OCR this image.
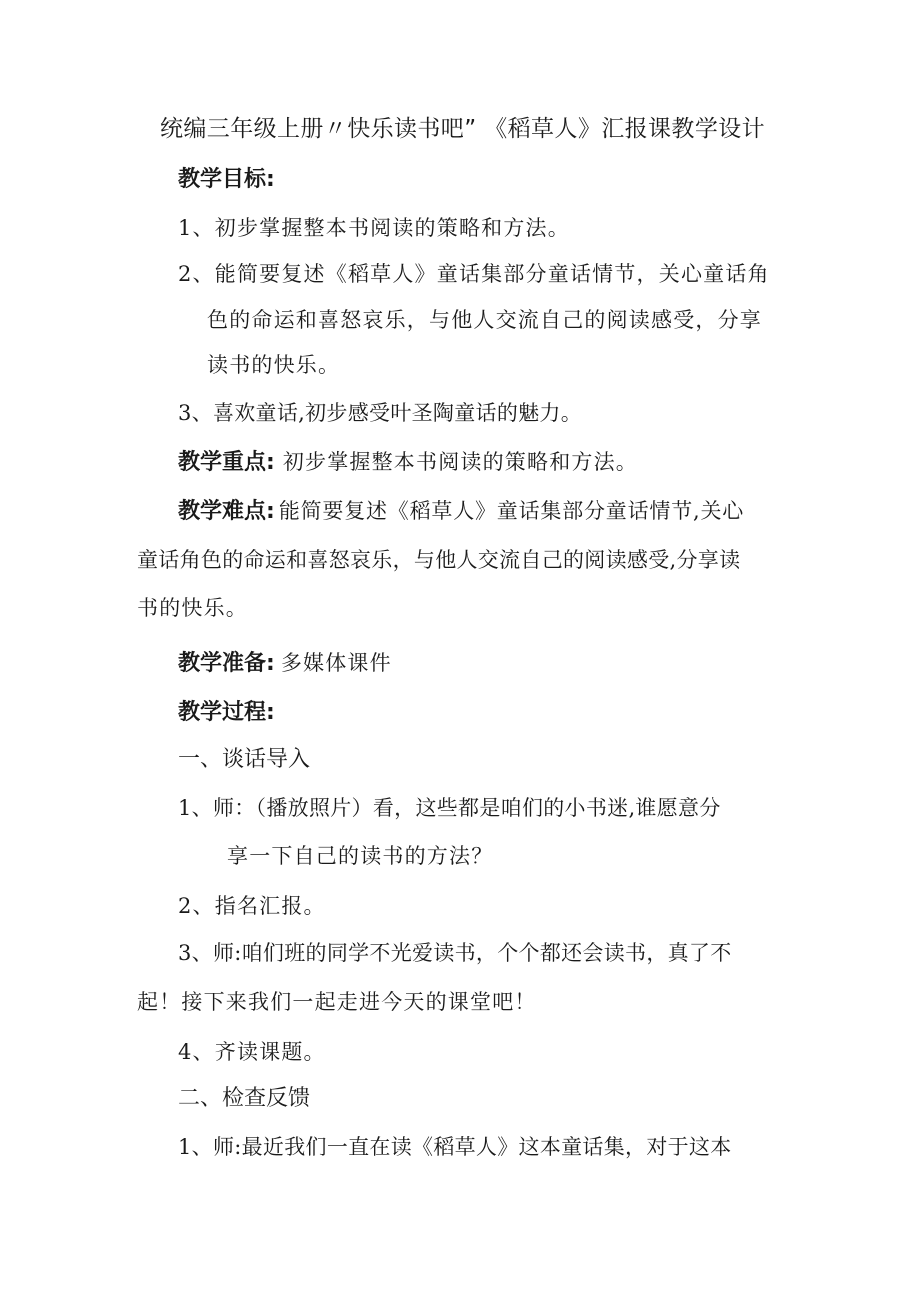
统编三年级上册〃快乐读书吧” 《稻草人》汇报课教学设计
教学目标:
1、初步掌握整本书阅读的策略和方法。
2、能简要复述《稻草人》童话集部分童话情节，关心童话角
色的命运和喜怒哀乐，与他人交流自己的阅读感受，分享
读书的快乐。
3、喜欢童话,初步感受叶圣陶童话的魅力。
教学重点: 初步掌握整本书阅读的策略和方法。
教学难点: 能简要复述《稻草人》童话集部分童话情节,关心
童话角色的命运和喜怒哀乐，与他人交流自己的阅读感受,分享读
书的快乐。
教学准备: 多媒体课件
教学过程:
一、谈话导入
1、师：（播放照片）看，这些都是咱们的小书迷,谁愿意分
享一下自己的读书的方法？
2、指名汇报。
3、师:咱们班的同学不光爱读书，个个都还会读书，真了不
起！接下来我们一起走进今天的课堂吧！
4、齐读课题。
二、检查反馈
1、师:最近我们一直在读《稻草人》这本童话集，对于这本
